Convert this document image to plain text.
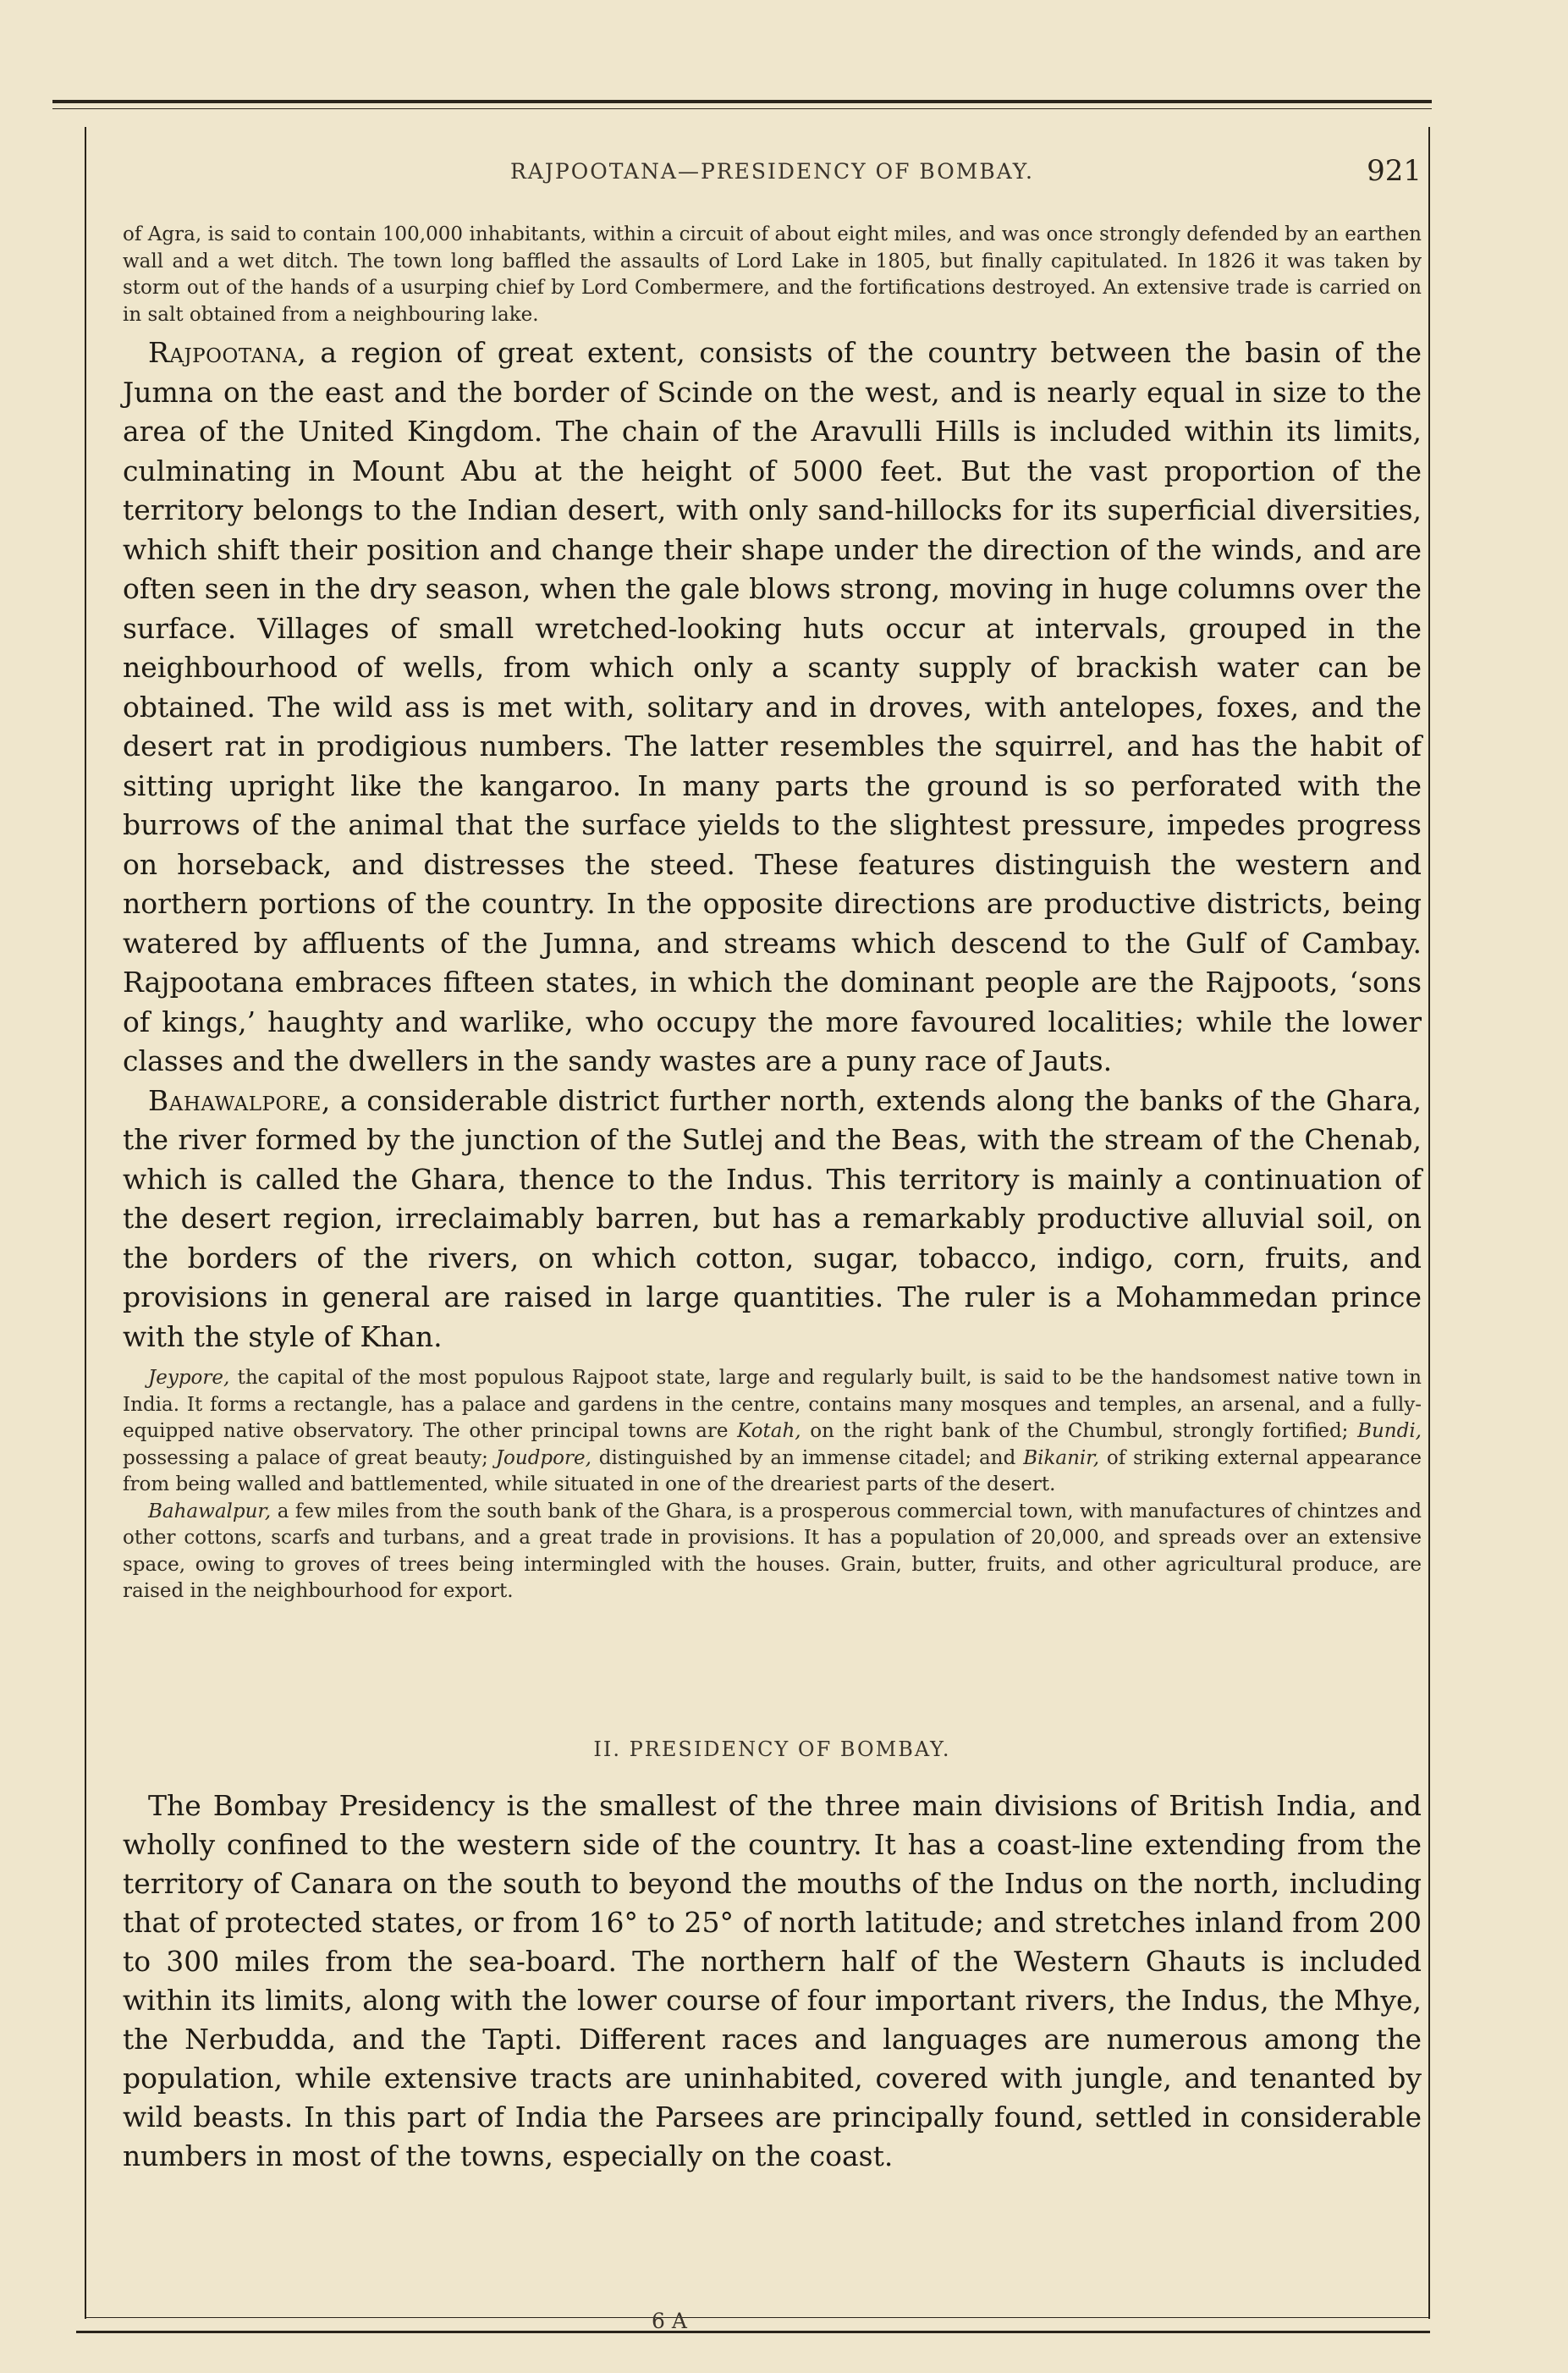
RAJPOOTANA—PRESIDENCY OF BOMBAY.	921

of Agra, is said to contain 100,000 inhabitants, within a circuit of about eight miles, and was once strongly defended by an earthen wall and a wet ditch. The town long baffled the assaults of Lord Lake in 1805, but finally capitulated. In 1826 it was taken by storm out of the hands of a usurping chief by Lord Combermere, and the fortifications destroyed. An extensive trade is carried on in salt obtained from a neighbouring lake.

Rajpootana, a region of great extent, consists of the country between the basin of the Jumna on the east and the border of Scinde on the west, and is nearly equal in size to the area of the United Kingdom. The chain of the Aravulli Hills is included within its limits, culminating in Mount Abu at the height of 5000 feet. But the vast proportion of the territory belongs to the Indian desert, with only sand-hillocks for its superficial diversities, which shift their position and change their shape under the direction of the winds, and are often seen in the dry season, when the gale blows strong, moving in huge columns over the surface. Villages of small wretched-looking huts occur at intervals, grouped in the neighbourhood of wells, from which only a scanty supply of brackish water can be obtained. The wild ass is met with, solitary and in droves, with antelopes, foxes, and the desert rat in prodigious numbers. The latter resembles the squirrel, and has the habit of sitting upright like the kangaroo. In many parts the ground is so perforated with the burrows of the animal that the surface yields to the slightest pressure, impedes progress on horseback, and distresses the steed. These features distinguish the western and northern portions of the country. In the opposite directions are productive districts, being watered by affluents of the Jumna, and streams which descend to the Gulf of Cambay. Rajpootana embraces fifteen states, in which the dominant people are the Rajpoots, ‘sons of kings,’ haughty and warlike, who occupy the more favoured localities; while the lower classes and the dwellers in the sandy wastes are a puny race of Jauts.

Bahawalpore, a considerable district further north, extends along the banks of the Ghara, the river formed by the junction of the Sutlej and the Beas, with the stream of the Chenab, which is called the Ghara, thence to the Indus. This territory is mainly a continuation of the desert region, irreclaimably barren, but has a remarkably productive alluvial soil, on the borders of the rivers, on which cotton, sugar, tobacco, indigo, corn, fruits, and provisions in general are raised in large quantities. The ruler is a Mohammedan prince with the style of Khan.

Jeypore, the capital of the most populous Rajpoot state, large and regularly built, is said to be the handsomest native town in India. It forms a rectangle, has a palace and gardens in the centre, contains many mosques and temples, an arsenal, and a fully-equipped native observatory. The other principal towns are Kotah, on the right bank of the Chumbul, strongly fortified; Bundi, possessing a palace of great beauty; Joudpore, distinguished by an immense citadel; and Bikanir, of striking external appearance from being walled and battlemented, while situated in one of the dreariest parts of the desert.

Bahawalpur, a few miles from the south bank of the Ghara, is a prosperous commercial town, with manufactures of chintzes and other cottons, scarfs and turbans, and a great trade in provisions. It has a population of 20,000, and spreads over an extensive space, owing to groves of trees being intermingled with the houses. Grain, butter, fruits, and other agricultural produce, are raised in the neighbourhood for export.

II. PRESIDENCY OF BOMBAY.

The Bombay Presidency is the smallest of the three main divisions of British India, and wholly confined to the western side of the country. It has a coast-line extending from the territory of Canara on the south to beyond the mouths of the Indus on the north, including that of protected states, or from 16° to 25° of north latitude; and stretches inland from 200 to 300 miles from the sea-board. The northern half of the Western Ghauts is included within its limits, along with the lower course of four important rivers, the Indus, the Mhye, the Nerbudda, and the Tapti. Different races and languages are numerous among the population, while extensive tracts are uninhabited, covered with jungle, and tenanted by wild beasts. In this part of India the Parsees are principally found, settled in considerable numbers in most of the towns, especially on the coast.

6 A
